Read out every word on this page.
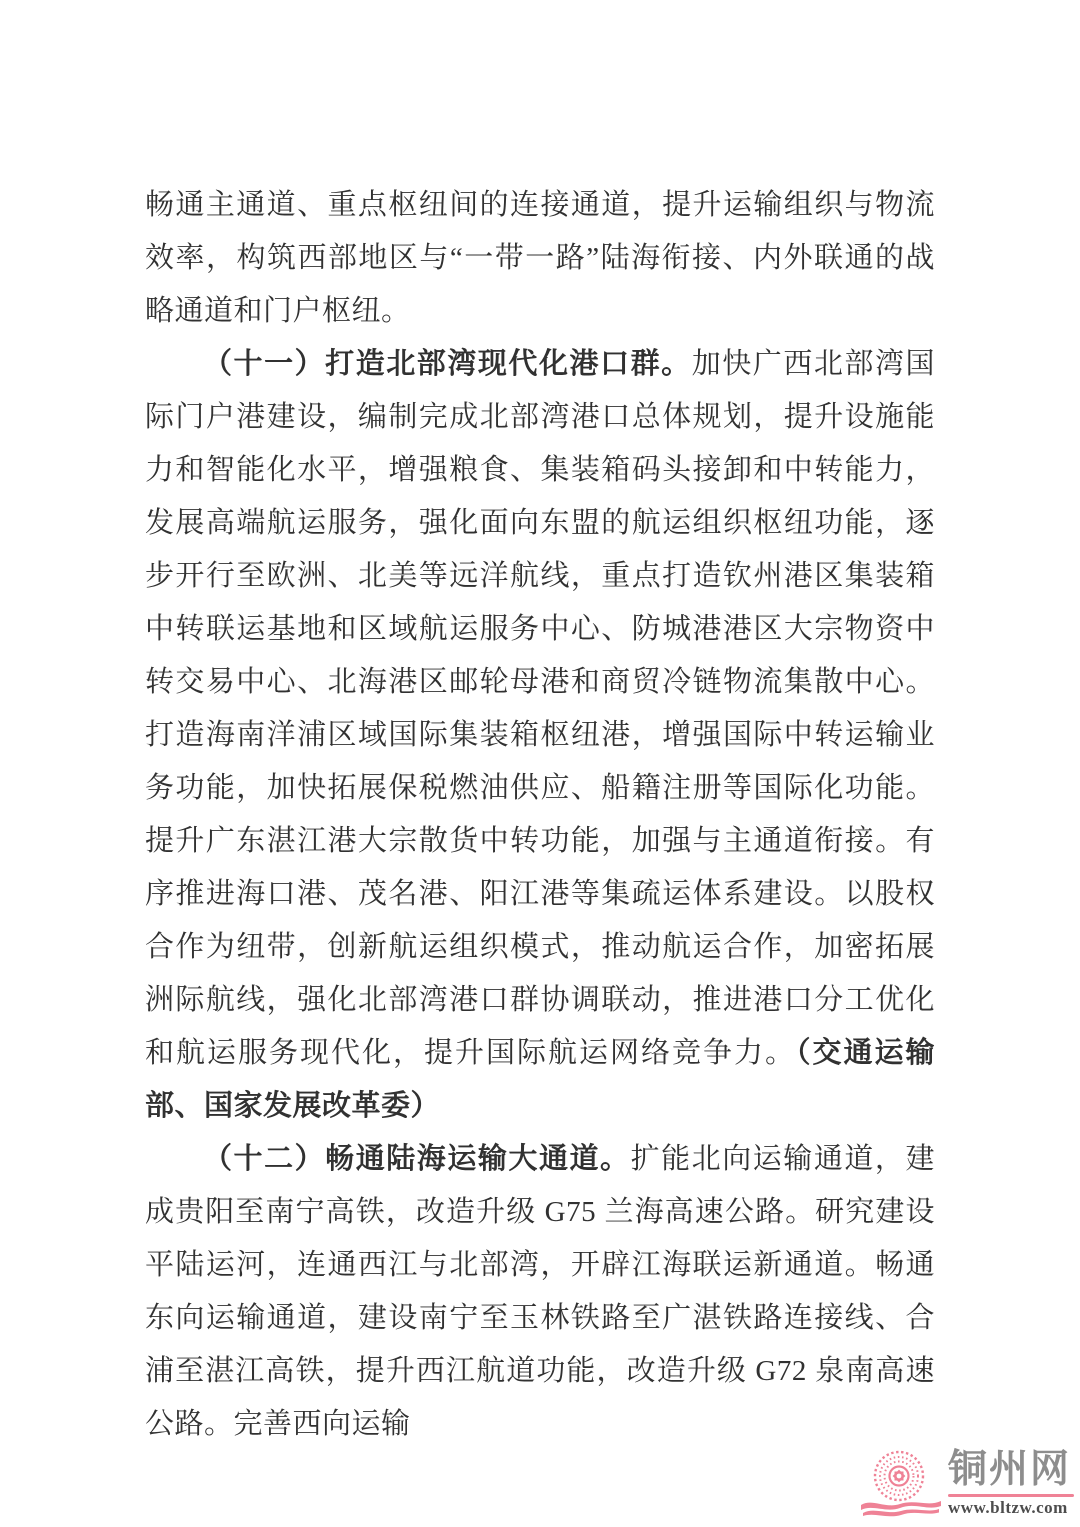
畅通主通道、重点枢纽间的连接通道，提升运输组织与物流效率，构筑西部地区与“一带一路”陆海衔接、内外联通的战略通道和门户枢纽。

（十一）打造北部湾现代化港口群。加快广西北部湾国际门户港建设，编制完成北部湾港口总体规划，提升设施能力和智能化水平，增强粮食、集装箱码头接卸和中转能力，发展高端航运服务，强化面向东盟的航运组织枢纽功能，逐步开行至欧洲、北美等远洋航线，重点打造钦州港区集装箱中转联运基地和区域航运服务中心、防城港港区大宗物资中转交易中心、北海港区邮轮母港和商贸冷链物流集散中心。打造海南洋浦区域国际集装箱枢纽港，增强国际中转运输业务功能，加快拓展保税燃油供应、船籍注册等国际化功能。提升广东湛江港大宗散货中转功能，加强与主通道衔接。有序推进海口港、茂名港、阳江港等集疏运体系建设。以股权合作为纽带，创新航运组织模式，推动航运合作，加密拓展洲际航线，强化北部湾港口群协调联动，推进港口分工优化和航运服务现代化，提升国际航运网络竞争力。（交通运输部、国家发展改革委）

（十二）畅通陆海运输大通道。扩能北向运输通道，建成贵阳至南宁高铁，改造升级 G75 兰海高速公路。研究建设平陆运河，连通西江与北部湾，开辟江海联运新通道。畅通东向运输通道，建设南宁至玉林铁路至广湛铁路连接线、合浦至湛江高铁，提升西江航道功能，改造升级 G72 泉南高速公路。完善西向运输

铜州网
www.bltzw.com
